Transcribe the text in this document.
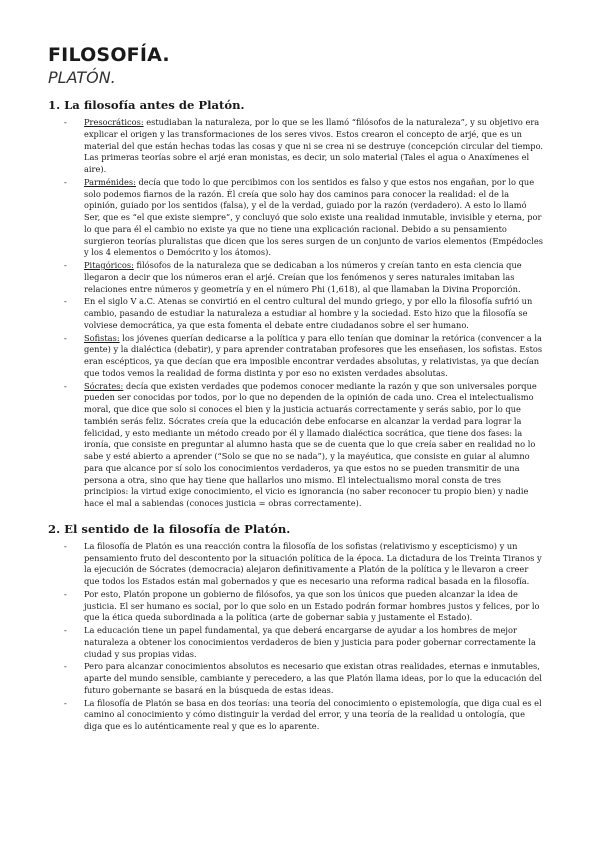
FILOSOFÍA.
PLATÓN.
1. La filosofía antes de Platón.
- Presocráticos: estudiaban la naturaleza, por lo que se les llamó “filósofos de la naturaleza”, y su objetivo era explicar el origen y las transformaciones de los seres vivos. Estos crearon el concepto de arjé, que es un material del que están hechas todas las cosas y que ni se crea ni se destruye (concepción circular del tiempo. Las primeras teorías sobre el arjé eran monistas, es decir, un solo material (Tales el agua o Anaxímenes el aire).
- Parménides: decía que todo lo que percibimos con los sentidos es falso y que estos nos engañan, por lo que solo podemos fiarnos de la razón. Él creía que solo hay dos caminos para conocer la realidad: el de la opinión, guiado por los sentidos (falsa), y el de la verdad, guiado por la razón (verdadero). A esto lo llamó Ser, que es “el que existe siempre”, y concluyó que solo existe una realidad inmutable, invisible y eterna, por lo que para él el cambio no existe ya que no tiene una explicación racional. Debido a su pensamiento surgieron teorías pluralistas que dicen que los seres surgen de un conjunto de varios elementos (Empédocles y los 4 elementos o Demócrito y los átomos).
- Pitagóricos: filósofos de la naturaleza que se dedicaban a los números y creían tanto en esta ciencia que llegaron a decir que los números eran el arjé. Creían que los fenómenos y seres naturales imitaban las relaciones entre números y geometría y en el número Phi (1,618), al que llamaban la Divina Proporción.
- En el siglo V a.C. Atenas se convirtió en el centro cultural del mundo griego, y por ello la filosofía sufrió un cambio, pasando de estudiar la naturaleza a estudiar al hombre y la sociedad. Esto hizo que la filosofía se volviese democrática, ya que esta fomenta el debate entre ciudadanos sobre el ser humano.
- Sofistas: los jóvenes querían dedicarse a la política y para ello tenían que dominar la retórica (convencer a la gente) y la dialéctica (debatir), y para aprender contrataban profesores que les enseñasen, los sofistas. Estos eran escépticos, ya que decían que era imposible encontrar verdades absolutas, y relativistas, ya que decían que todos vemos la realidad de forma distinta y por eso no existen verdades absolutas.
- Sócrates: decía que existen verdades que podemos conocer mediante la razón y que son universales porque pueden ser conocidas por todos, por lo que no dependen de la opinión de cada uno. Crea el intelectualismo moral, que dice que solo si conoces el bien y la justicia actuarás correctamente y serás sabio, por lo que también serás feliz. Sócrates creía que la educación debe enfocarse en alcanzar la verdad para lograr la felicidad, y esto mediante un método creado por él y llamado dialéctica socrática, que tiene dos fases: la ironía, que consiste en preguntar al alumno hasta que se de cuenta que lo que creía saber en realidad no lo sabe y esté abierto a aprender (“Solo se que no se nada”), y la mayéutica, que consiste en guiar al alumno para que alcance por sí solo los conocimientos verdaderos, ya que estos no se pueden transmitir de una persona a otra, sino que hay tiene que hallarlos uno mismo. El intelectualismo moral consta de tres principios: la virtud exige conocimiento, el vicio es ignorancia (no saber reconocer tu propio bien) y nadie hace el mal a sabiendas (conoces justicia = obras correctamente).
2. El sentido de la filosofía de Platón.
- La filosofía de Platón es una reacción contra la filosofía de los sofistas (relativismo y escepticismo) y un pensamiento fruto del descontento por la situación política de la época. La dictadura de los Treinta Tiranos y la ejecución de Sócrates (democracia) alejaron definitivamente a Platón de la política y le llevaron a creer que todos los Estados están mal gobernados y que es necesario una reforma radical basada en la filosofía.
- Por esto, Platón propone un gobierno de filósofos, ya que son los únicos que pueden alcanzar la idea de justicia. El ser humano es social, por lo que solo en un Estado podrán formar hombres justos y felices, por lo que la ética queda subordinada a la política (arte de gobernar sabia y justamente el Estado).
- La educación tiene un papel fundamental, ya que deberá encargarse de ayudar a los hombres de mejor naturaleza a obtener los conocimientos verdaderos de bien y justicia para poder gobernar correctamente la ciudad y sus propias vidas.
- Pero para alcanzar conocimientos absolutos es necesario que existan otras realidades, eternas e inmutables, aparte del mundo sensible, cambiante y perecedero, a las que Platón llama ideas, por lo que la educación del futuro gobernante se basará en la búsqueda de estas ideas.
- La filosofía de Platón se basa en dos teorías: una teoría del conocimiento o epistemología, que diga cual es el camino al conocimiento y cómo distinguir la verdad del error, y una teoría de la realidad u ontología, que diga que es lo auténticamente real y que es lo aparente.
